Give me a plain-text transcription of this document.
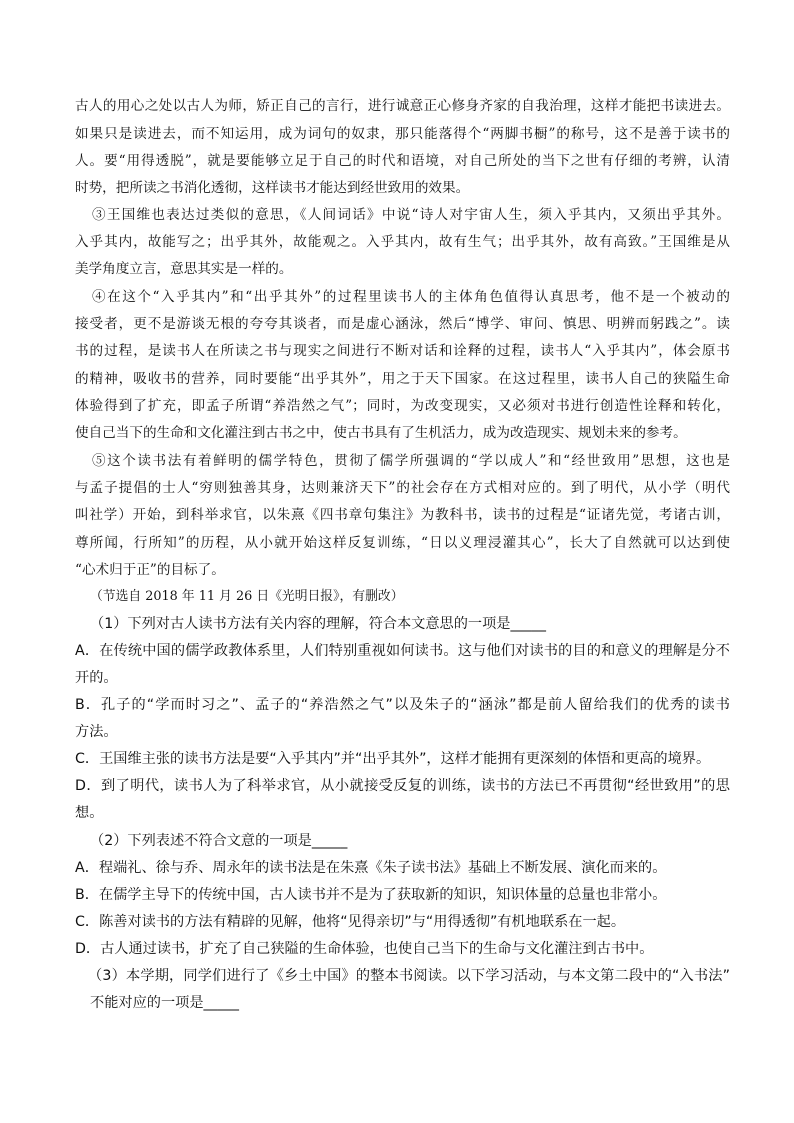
古人的用心之处以古人为师，矫正自己的言行，进行诚意正心修身齐家的自我治理，这样才能把书读进去。
如果只是读进去，而不知运用，成为词句的奴隶，那只能落得个“两脚书橱”的称号，这不是善于读书的
人。要“用得透脱”，就是要能够立足于自己的时代和语境，对自己所处的当下之世有仔细的考辨，认清
时势，把所读之书消化透彻，这样读书才能达到经世致用的效果。
③王国维也表达过类似的意思，《人间词话》中说“诗人对宇宙人生，须入乎其内，又须出乎其外。
入乎其内，故能写之；出乎其外，故能观之。入乎其内，故有生气；出乎其外，故有高致。”王国维是从
美学角度立言，意思其实是一样的。
④在这个“入乎其内”和“出乎其外”的过程里读书人的主体角色值得认真思考，他不是一个被动的
接受者，更不是游谈无根的夸夸其谈者，而是虚心涵泳，然后“博学、审问、慎思、明辨而躬践之”。读
书的过程，是读书人在所读之书与现实之间进行不断对话和诠释的过程，读书人“入乎其内”，体会原书
的精神，吸收书的营养，同时要能“出乎其外”，用之于天下国家。在这过程里，读书人自己的狭隘生命
体验得到了扩充，即孟子所谓“养浩然之气”；同时，为改变现实，又必须对书进行创造性诠释和转化，
使自己当下的生命和文化灌注到古书之中，使古书具有了生机活力，成为改造现实、规划未来的参考。
⑤这个读书法有着鲜明的儒学特色，贯彻了儒学所强调的“学以成人”和“经世致用”思想，这也是
与孟子提倡的士人“穷则独善其身，达则兼济天下”的社会存在方式相对应的。到了明代，从小学（明代
叫社学）开始，到科举求官，以朱熹《四书章句集注》为教科书，读书的过程是“证诸先觉，考诸古训，
尊所闻，行所知”的历程，从小就开始这样反复训练，“日以义理浸灌其心”，长大了自然就可以达到使
“心术归于正”的目标了。
（节选自 2018 年 11 月 26 日《光明日报》，有删改）
（1）下列对古人读书方法有关内容的理解，符合本文意思的一项是_____
A．在传统中国的儒学政教体系里，人们特别重视如何读书。这与他们对读书的目的和意义的理解是分不
开的。
B．孔子的“学而时习之”、孟子的“养浩然之气”以及朱子的“涵泳”都是前人留给我们的优秀的读书
方法。
C．王国维主张的读书方法是要“入乎其内”并“出乎其外”，这样才能拥有更深刻的体悟和更高的境界。
D．到了明代，读书人为了科举求官，从小就接受反复的训练，读书的方法已不再贯彻“经世致用”的思
想。
（2）下列表述不符合文意的一项是_____
A．程端礼、徐与乔、周永年的读书法是在朱熹《朱子读书法》基础上不断发展、演化而来的。
B．在儒学主导下的传统中国，古人读书并不是为了获取新的知识，知识体量的总量也非常小。
C．陈善对读书的方法有精辟的见解，他将“见得亲切”与“用得透彻”有机地联系在一起。
D．古人通过读书，扩充了自己狭隘的生命体验，也使自己当下的生命与文化灌注到古书中。
（3）本学期，同学们进行了《乡土中国》的整本书阅读。以下学习活动，与本文第二段中的“入书法”
不能对应的一项是_____
